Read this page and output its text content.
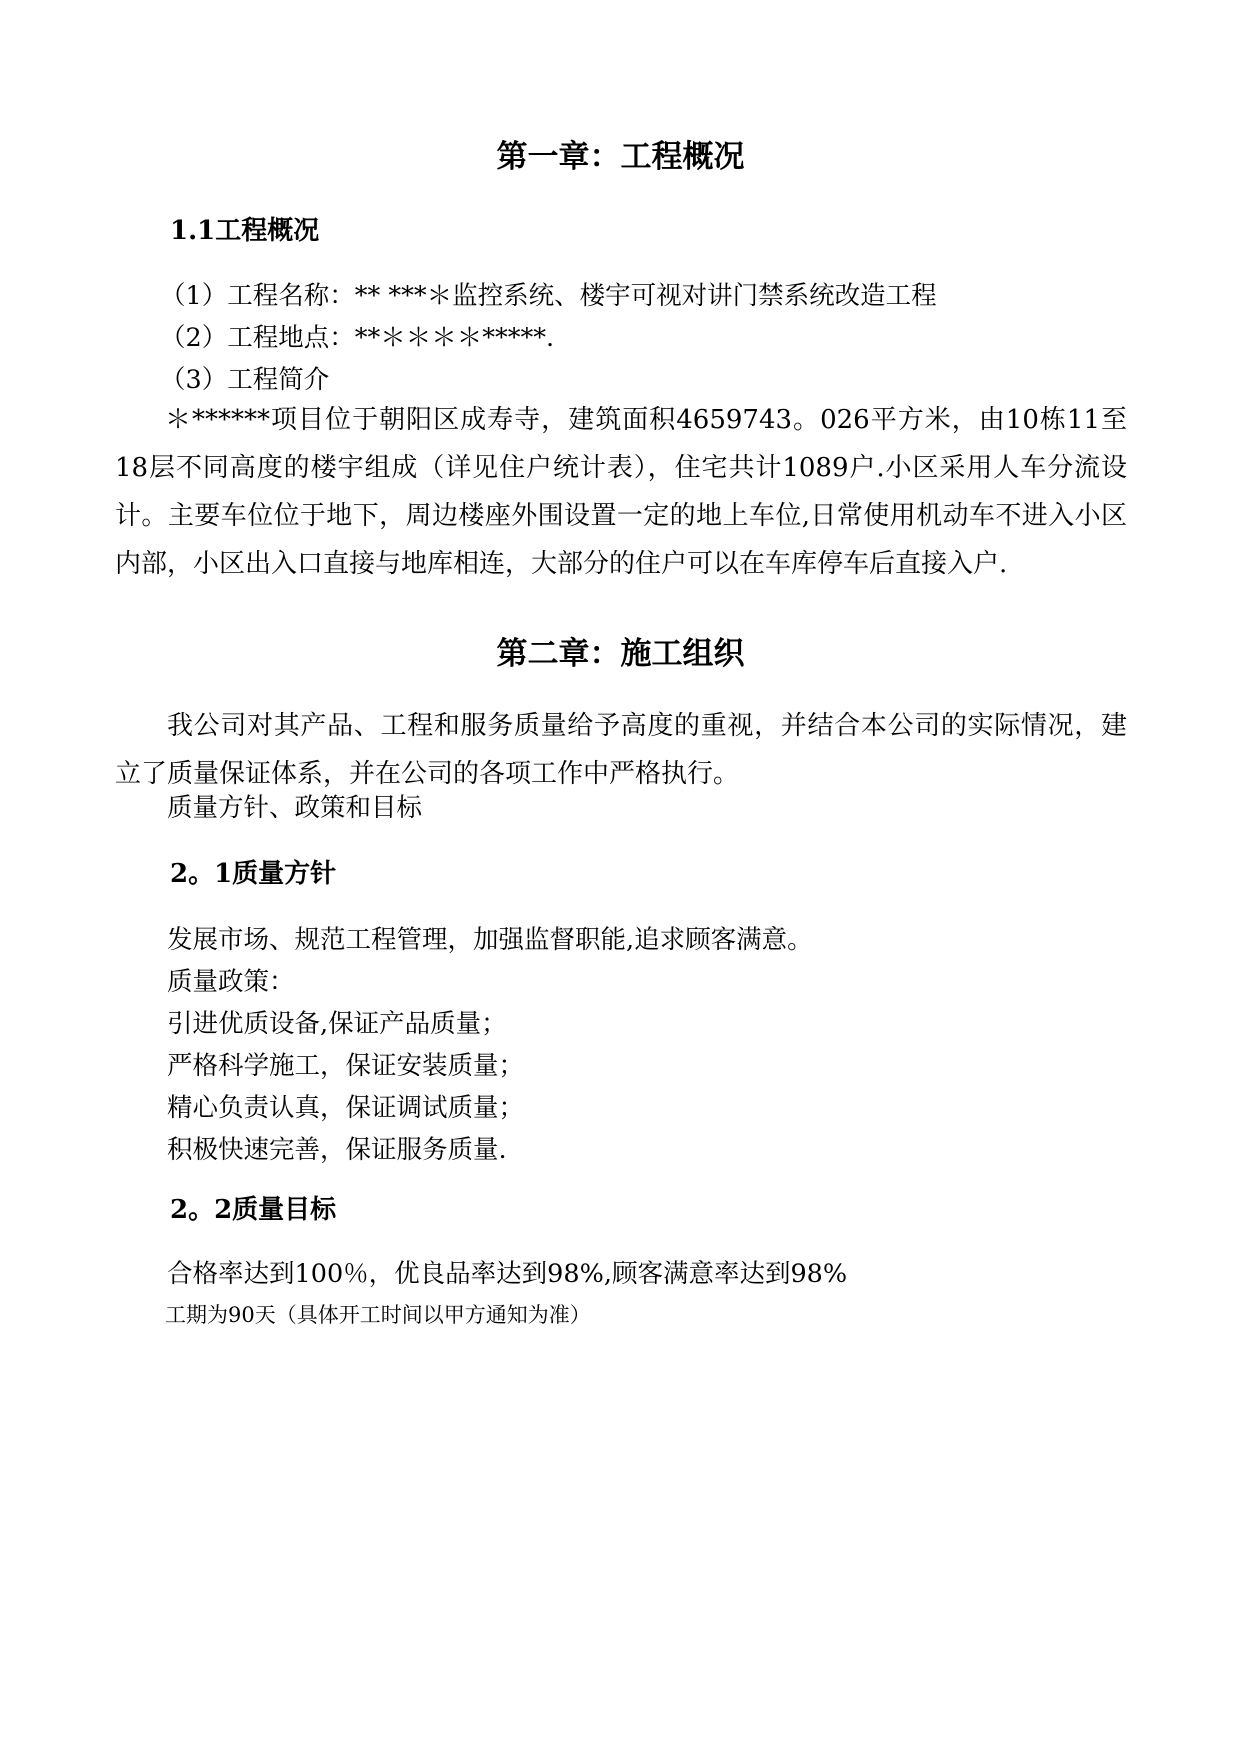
第一章：工程概况
1.1工程概况
（1）工程名称：** ***＊监控系统、楼宇可视对讲门禁系统改造工程
（2）工程地点：**＊＊＊＊*****.
（3）工程简介
＊******项目位于朝阳区成寿寺，建筑面积4659743。026平方米，由10栋11至18层不同高度的楼宇组成（详见住户统计表），住宅共计1089户.小区采用人车分流设计。主要车位位于地下，周边楼座外围设置一定的地上车位,日常使用机动车不进入小区内部，小区出入口直接与地库相连，大部分的住户可以在车库停车后直接入户.
第二章：施工组织
我公司对其产品、工程和服务质量给予高度的重视，并结合本公司的实际情况，建立了质量保证体系，并在公司的各项工作中严格执行。
质量方针、政策和目标
2。1质量方针
发展市场、规范工程管理，加强监督职能,追求顾客满意。
质量政策：
引进优质设备,保证产品质量；
严格科学施工，保证安装质量；
精心负责认真，保证调试质量；
积极快速完善，保证服务质量.
2。2质量目标
合格率达到100％，优良品率达到98%,顾客满意率达到98%
工期为90天（具体开工时间以甲方通知为准）
